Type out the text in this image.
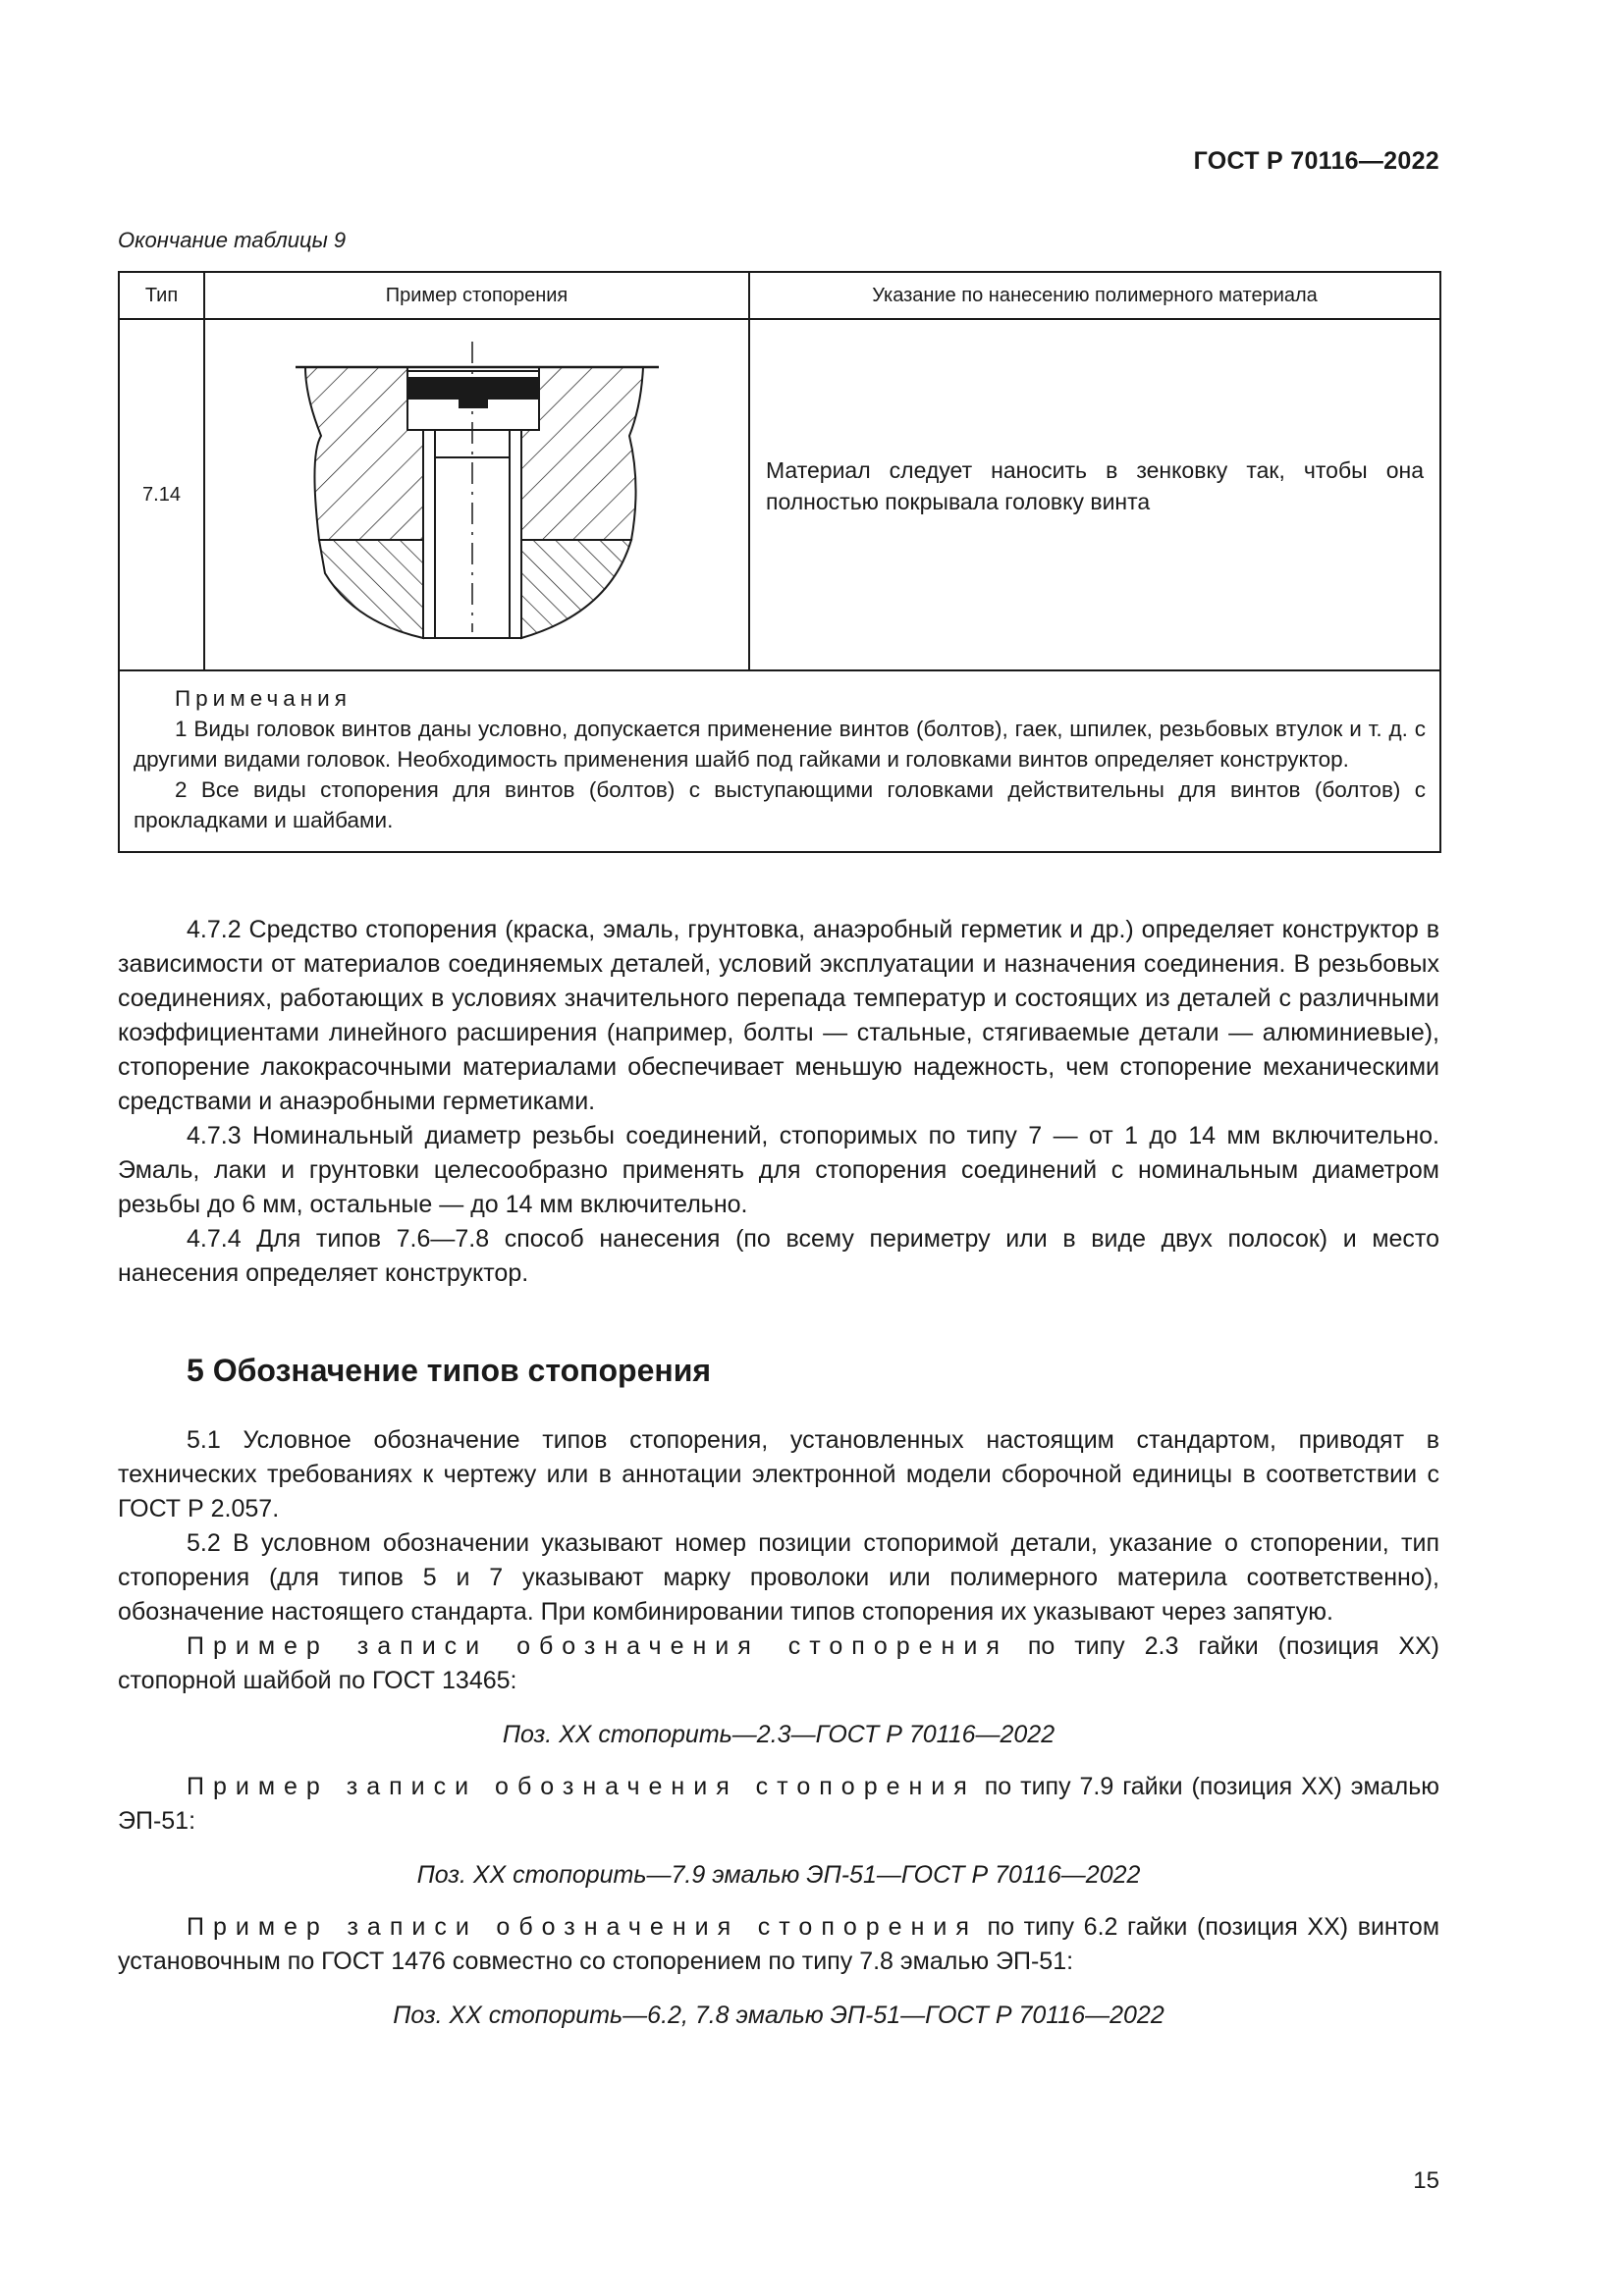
ГОСТ Р 70116—2022
Окончание таблицы 9
Тип	Пример стопорения	Указание по нанесению полимерного материала
7.14		Материал следует наносить в зенковку так, чтобы она полностью покрывала головку винта

Примечания

1 Виды головок винтов даны условно, допускается применение винтов (болтов), гаек, шпилек, резьбовых втулок и т. д. с другими видами головок. Необходимость применения шайб под гайками и головками винтов определяет конструктор.

2 Все виды стопорения для винтов (болтов) с выступающими головками действительны для винтов (болтов) с прокладками и шайбами.		

4.7.2 Средство стопорения (краска, эмаль, грунтовка, анаэробный герметик и др.) определяет конструктор в зависимости от материалов соединяемых деталей, условий эксплуатации и назначения соединения. В резьбовых соединениях, работающих в условиях значительного перепада температур и состоящих из деталей с различными коэффициентами линейного расширения (например, болты — стальные, стягиваемые детали — алюминиевые), стопорение лакокрасочными материалами обеспечивает меньшую надежность, чем стопорение механическими средствами и анаэробными герметиками.

4.7.3 Номинальный диаметр резьбы соединений, стопоримых по типу 7 — от 1 до 14 мм включительно. Эмаль, лаки и грунтовки целесообразно применять для стопорения соединений с номинальным диаметром резьбы до 6 мм, остальные — до 14 мм включительно.

4.7.4 Для типов 7.6—7.8 способ нанесения (по всему периметру или в виде двух полосок) и место нанесения определяет конструктор.

5 Обозначение типов стопорения

5.1 Условное обозначение типов стопорения, установленных настоящим стандартом, приводят в технических требованиях к чертежу или в аннотации электронной модели сборочной единицы в соответствии с ГОСТ Р 2.057.

5.2 В условном обозначении указывают номер позиции стопоримой детали, указание о стопорении, тип стопорения (для типов 5 и 7 указывают марку проволоки или полимерного материла соответственно), обозначение настоящего стандарта. При комбинировании типов стопорения их указывают через запятую.

Пример записи обозначения стопорения по типу 2.3 гайки (позиция ХХ) стопорной шайбой по ГОСТ 13465:

Поз. ХХ стопорить—2.3—ГОСТ Р 70116—2022

Пример записи обозначения стопорения по типу 7.9 гайки (позиция ХХ) эмалью ЭП-51:

Поз. ХХ стопорить—7.9 эмалью ЭП-51—ГОСТ Р 70116—2022

Пример записи обозначения стопорения по типу 6.2 гайки (позиция ХХ) винтом установочным по ГОСТ 1476 совместно со стопорением по типу 7.8 эмалью ЭП-51:

Поз. ХХ стопорить—6.2, 7.8 эмалью ЭП-51—ГОСТ Р 70116—2022

15
